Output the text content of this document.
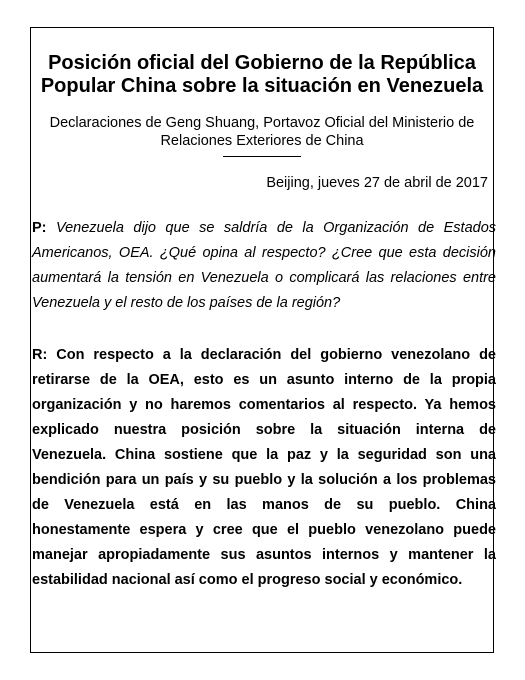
Posición oficial del Gobierno de la República Popular China sobre la situación en Venezuela

Declaraciones de Geng Shuang, Portavoz Oficial del Ministerio de Relaciones Exteriores de China

Beijing, jueves 27 de abril de 2017

P: Venezuela dijo que se saldría de la Organización de Estados Americanos, OEA. ¿Qué opina al respecto? ¿Cree que esta decisión aumentará la tensión en Venezuela o complicará las relaciones entre Venezuela y el resto de los países de la región?

R: Con respecto a la declaración del gobierno venezolano de retirarse de la OEA, esto es un asunto interno de la propia organización y no haremos comentarios al respecto. Ya hemos explicado nuestra posición sobre la situación interna de Venezuela. China sostiene que la paz y la seguridad son una bendición para un país y su pueblo y la solución a los problemas de Venezuela está en las manos de su pueblo. China honestamente espera y cree que el pueblo venezolano puede manejar apropiadamente sus asuntos internos y mantener la estabilidad nacional así como el progreso social y económico.
